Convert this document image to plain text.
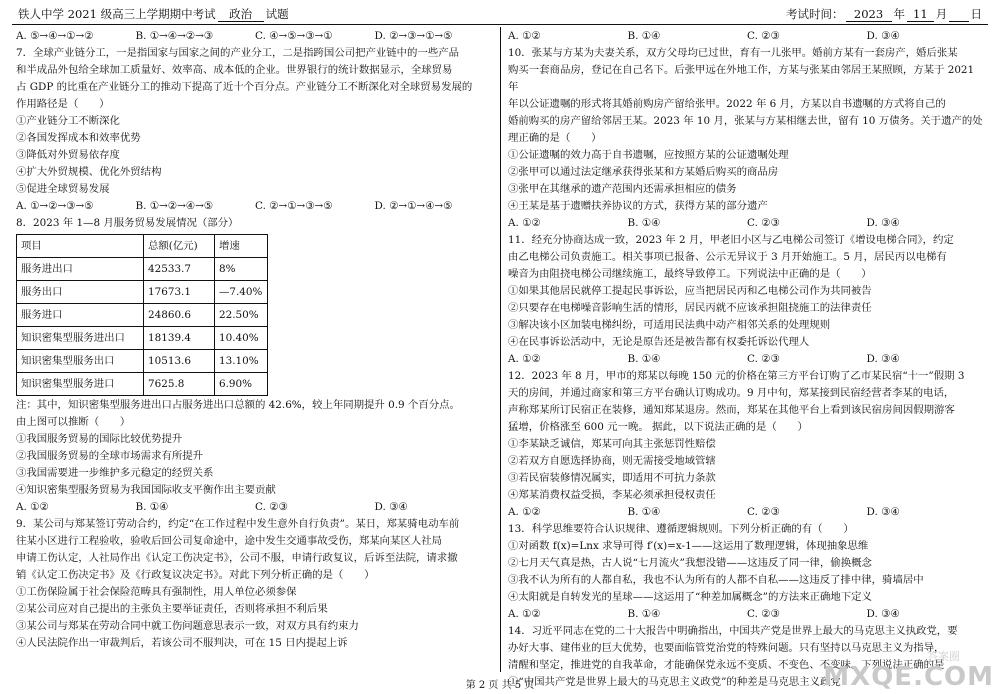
铁人中学 2021 级高三上学期期中考试 政治 试题	考试时间： 2023 年 11 月 日
A. ⑤→④→①→②	B. ①→④→②→③	C. ④→⑤→③→①	D. ②→③→①→⑤

7．全球产业链分工，一是指国家与国家之间的产业分工，二是指跨国公司把产业链中的一些产品

和半成品外包给全球加工质量好、效率高、成本低的企业。世界银行的统计数据显示，全球贸易

占 GDP 的比重在产业链分工的推动下提高了近十个百分点。产业链分工不断深化对全球贸易发展的

作用路径是（　　）

①产业链分工不断深化

②各国发挥成本和效率优势

③降低对外贸易依存度

④扩大外贸规模、优化外贸结构

⑤促进全球贸易发展

A. ①→②→③→⑤	B. ①→②→④→⑤	C. ②→①→③→⑤	D. ②→①→④→⑤

8．2023 年 1—8 月服务贸易发展情况（部分）

项目	总额(亿元)	增速
服务进出口	42533.7	8%
服务出口	17673.1	—7.40%
服务进口	24860.6	22.50%
知识密集型服务进出口	18139.4	10.40%
知识密集型服务出口	10513.6	13.10%
知识密集型服务进口	7625.8	6.90%

注：其中，知识密集型服务进出口占服务进出口总额的 42.6%，较上年同期提升 0.9 个百分点。

由上图可以推断（　　）

①我国服务贸易的国际比较优势提升

②我国服务贸易的全球市场需求有所提升

③我国需要进一步维护多元稳定的经贸关系

④知识密集型服务贸易为我国国际收支平衡作出主要贡献

A. ①②	B. ①④	C. ②③	D. ③④

9．某公司与郑某签订劳动合约，约定“在工作过程中发生意外自行负责”。某日，郑某骑电动车前

往某小区进行工程验收，验收后回公司复命途中，途中发生交通事故受伤，郑某向某区人社局

申请工伤认定，人社局作出《认定工伤决定书》，公司不服，申请行政复议，后诉至法院，请求撤

销《认定工伤决定书》及《行政复议决定书》。对此下列分析正确的是（　　）

①工伤保险属于社会保险范畴具有强制性，用人单位必须参保

②某公司应对自己提出的主张负主要举证责任，否则将承担不利后果

③某公司与郑某在劳动合同中就工伤问题意思表示一致，对双方具有约束力

④人民法院作出一审裁判后，若该公司不服判决，可在 15 日内提起上诉

A. ①②	B. ①④	C. ②③	D. ③④

10．张某与方某为夫妻关系，双方父母均已过世，育有一儿张甲。婚前方某有一套房产，婚后张某

购买一套商品房，登记在自己名下。后张甲远在外地工作，方某与张某由邻居王某照顾，方某于 2021 年

年以公证遗嘱的形式将其婚前购房产留给张甲。2022 年 6 月，方某以自书遗嘱的方式将自己的

婚前购买的房产留给邻居王某。2023 年 10 月，张某与方某相继去世，留有 10 万债务。关于遗产的处

理正确的是（　　）

①公证遗嘱的效力高于自书遗嘱，应按照方某的公证遗嘱处理

②张甲可以通过法定继承获得张某和方某婚后购买的商品房

③张甲在其继承的遗产范围内还需承担相应的债务

④王某是基于遗赠扶养协议的方式，获得方某的部分遗产

A. ①②	B. ①④	C. ②③	D. ③④

11．经充分协商达成一致，2023 年 2 月，甲老旧小区与乙电梯公司签订《增设电梯合同》，约定

由乙电梯公司负责施工。相关事项已报备、公示无异议于 3 月开始施工。5 月，居民丙以电梯有

噪音为由阻挠电梯公司继续施工，最终导致停工。下列说法中正确的是（　　）

①如果其他居民就停工提起民事诉讼，应当把居民丙和乙电梯公司作为共同被告

②只要存在电梯噪音影响生活的情形，居民丙就不应该承担阻挠施工的法律责任

③解决该小区加装电梯纠纷，可适用民法典中动产相邻关系的处理规则

④在民事诉讼活动中，无论是原告还是被告都有权委托诉讼代理人

A. ①②	B. ①④	C. ②③	D. ③④

12．2023 年 8 月，甲市的郑某以每晚 150 元的价格在第三方平台订购了乙市某民宿“十一”假期 3

天的房间，并通过商家和第三方平台确认订购成功。9 月中旬，郑某接到民宿经营者李某的电话，

声称郑某所订民宿正在装修，通知郑某退房。然而，郑某在其他平台上看到该民宿房间因假期游客

猛增，价格涨至 600 元一晚。 据此，以下说法正确的是（　　）

①李某缺乏诚信，郑某可向其主张惩罚性赔偿

②若双方自愿选择协商，则无需接受地域管辖

③若民宿装修情况属实，即适用不可抗力条款

④郑某消费权益受损，李某必须承担侵权责任

A. ①②	B. ①④	C. ②③	D. ③④

13．科学思维要符合认识规律、遵循逻辑规则。下列分析正确的有（　　）

①对函数 f(x)=Lnx 求导可得 f′(x)=x-1——这运用了数理逻辑，体现抽象思维

②七月天气真是热，古人说“七月流火”我想没错——这违反了同一律，偷换概念

③我不认为所有的人都自私，我也不认为所有的人都不自私——这违反了排中律，骑墙居中

④太阳就是自转发光的星球——这运用了“种差加属概念”的方法来正确地下定义

A. ①②	B. ①④	C. ②③	D. ③④

14．习近平同志在党的二十大报告中明确指出，中国共产党是世界上最大的马克思主义执政党，要

办好大事、建伟业的巨大优势，也要面临管党治党的特殊问题。只有坚持以马克思主义为指导，

清醒和坚定，推进党的自我革命，才能确保党永远不变质、不变色、不变味。下列说法正确的是

①“中国共产党是世界上最大的马克思主义政党”的种差是马克思主义政党

第 2 页 共 5 页
答案圈
MXQE.COM
